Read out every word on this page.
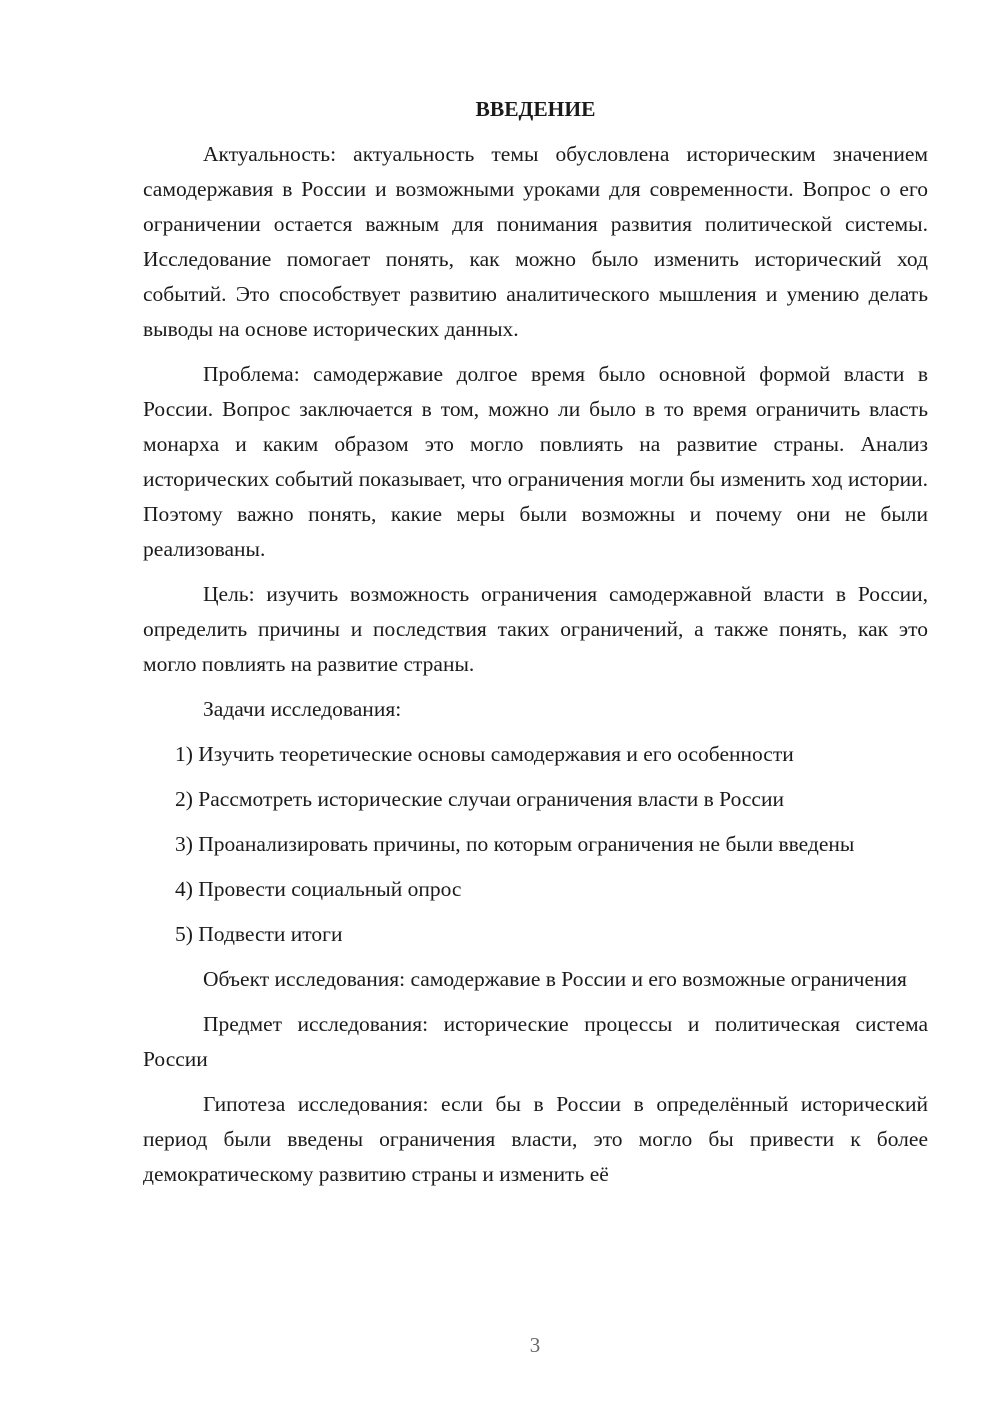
ВВЕДЕНИЕ

Актуальность: актуальность темы обусловлена историческим значением самодержавия в России и возможными уроками для современности. Вопрос о его ограничении остается важным для понимания развития политической системы. Исследование помогает понять, как можно было изменить исторический ход событий. Это способствует развитию аналитического мышления и умению делать выводы на основе исторических данных.

Проблема: самодержавие долгое время было основной формой власти в России. Вопрос заключается в том, можно ли было в то время ограничить власть монарха и каким образом это могло повлиять на развитие страны. Анализ исторических событий показывает, что ограничения могли бы изменить ход истории. Поэтому важно понять, какие меры были возможны и почему они не были реализованы.

Цель: изучить возможность ограничения самодержавной власти в России, определить причины и последствия таких ограничений, а также понять, как это могло повлиять на развитие страны.

Задачи исследования:

1) Изучить теоретические основы самодержавия и его особенности

2) Рассмотреть исторические случаи ограничения власти в России

3) Проанализировать причины, по которым ограничения не были введены

4) Провести социальный опрос

5) Подвести итоги

Объект исследования: самодержавие в России и его возможные ограничения

Предмет исследования: исторические процессы и политическая система России

Гипотеза исследования: если бы в России в определённый исторический период были введены ограничения власти, это могло бы привести к более демократическому развитию страны и изменить её

3
